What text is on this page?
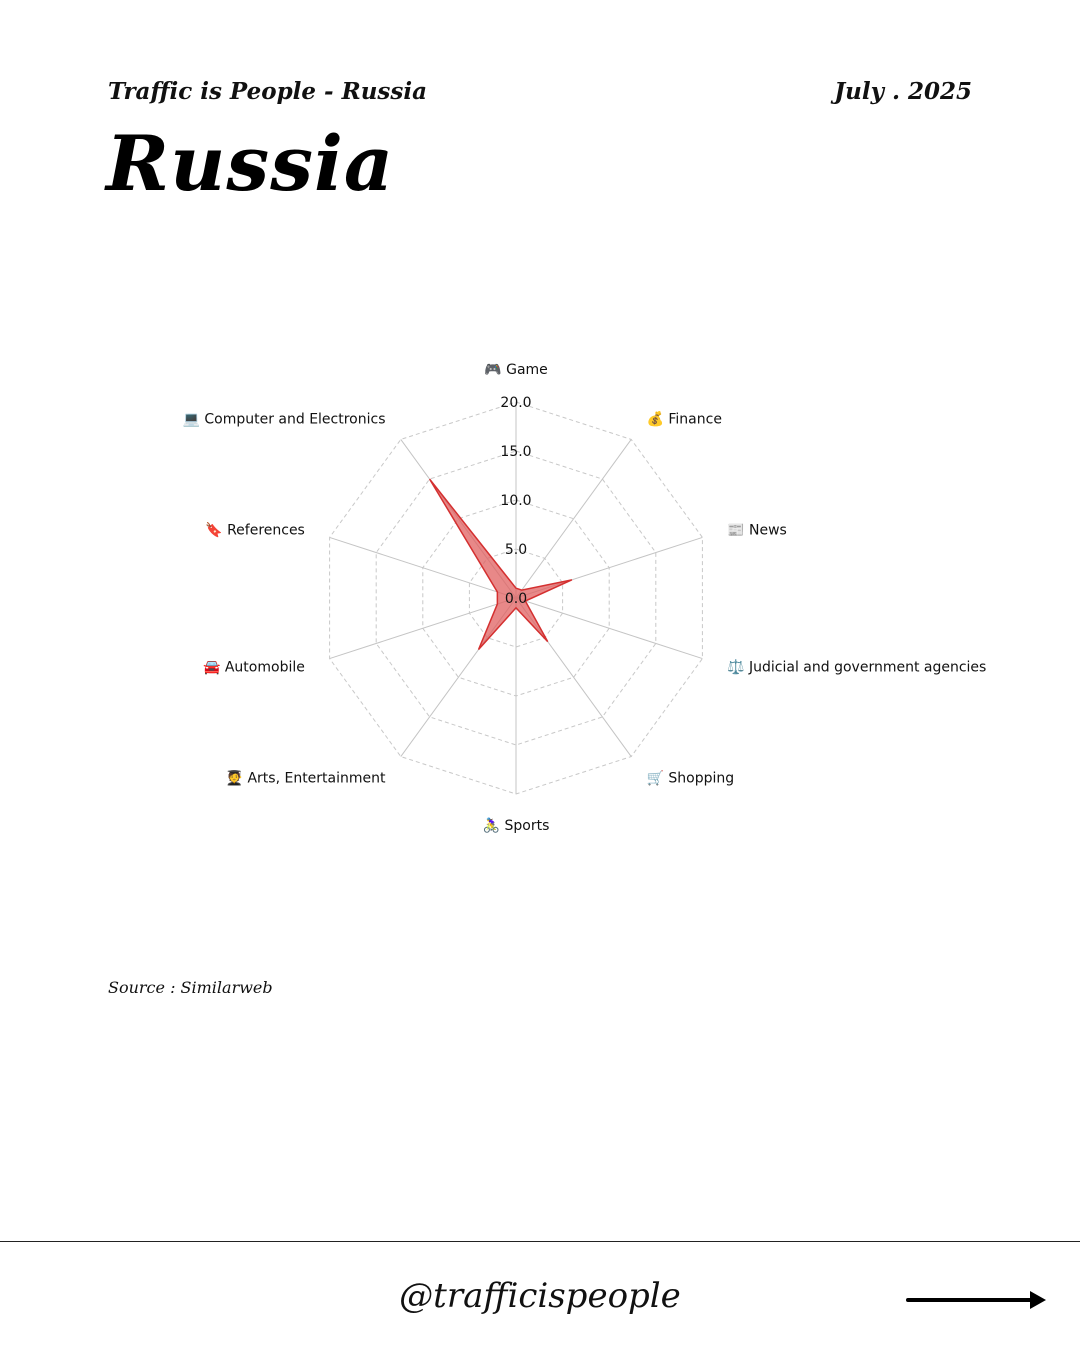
Traffic is People - Russia	July . 2025
Russia
0.0
5.0
10.0
15.0
20.0
🎮 Game
💰 Finance
📰 News
⚖️ Judicial and government agencies
🛒 Shopping
🚴‍♀️ Sports
🧑‍🎓 Arts, Entertainment
🚘 Automobile
🔖 References
💻 Computer and Electronics
Source : Similarweb
@trafficispeople
